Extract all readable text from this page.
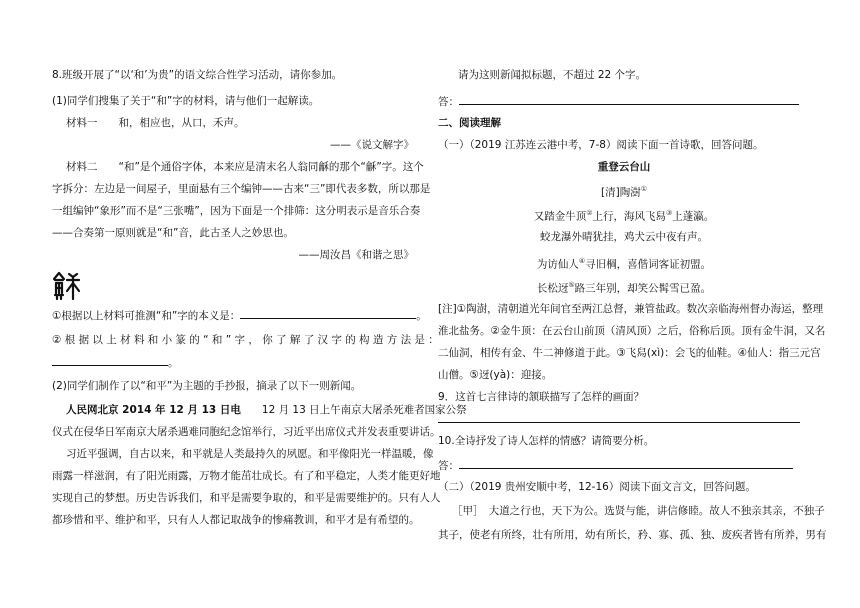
8.班级开展了“以‘和’为贵”的语文综合性学习活动，请你参加。
(1)同学们搜集了关于“和”字的材料，请与他们一起解读。
材料一　　和，相应也，从口，禾声。
——《说文解字》
材料二　　“和”是个通俗字体，本来应是清末名人翁同龢的那个“龢”字。这个
字拆分：左边是一间屋子，里面悬有三个编钟——古来“三”即代表多数，所以那是
一组编钟“象形”而不是“三张嘴”，因为下面是一个排筛：这分明表示是音乐合奏
——合奏第一原则就是“和”音，此古圣人之妙思也。
——周汝昌《和谐之思》
①根据以上材料可推测“和”字的本义是：	。
② 根 据 以 上 材 料 和 小 篆 的 “ 和 ” 字 ， 你 了 解 了 汉 字 的 构 造 方 法 是 ：
。
(2)同学们制作了以“和平”为主题的手抄报，摘录了以下一则新闻。
人民网北京 2014 年 12 月 13 日电　　12 月 13 日上午南京大屠杀死难者国家公祭
仪式在侵华日军南京大屠杀遇难同胞纪念馆举行，习近平出席仪式并发表重要讲话。
习近平强调，自古以来，和平就是人类最持久的夙愿。和平像阳光一样温暖，像
雨露一样滋润，有了阳光雨露，万物才能茁壮成长。有了和平稳定，人类才能更好地
实现自己的梦想。历史告诉我们，和平是需要争取的，和平是需要维护的。只有人人
都珍惜和平、维护和平，只有人人都记取战争的惨痛教训，和平才是有希望的。
请为这则新闻拟标题，不超过 22 个字。
答：
二、阅读理解
（一）（2019 江苏连云港中考，7-8）阅读下面一首诗歌，回答问题。
重登云台山
[清]陶澍①
又踏金牛顶②上行，海风飞舄③上蓬瀛。
蛟龙瀑外晴犹挂，鸡犬云中夜有声。
为访仙人④寻旧棡，喜偕词客证初盟。
长松迓⑤路三年别，却笑公髯雪已盈。
[注]①陶澍，清朝道光年间官至两江总督，兼管盐政。数次亲临海州督办海运，整理
淮北盐务。②金牛顶：在云台山前顶（清风顶）之后，俗称后顶。顶有金牛洞，又名
二仙洞，相传有金、牛二神修道于此。③飞舄(xì)：会飞的仙鞋。④仙人：指三元宫
山僧。⑤迓(yà)：迎接。
9．这首七言律诗的颔联描写了怎样的画面？
10.全诗抒发了诗人怎样的情感？请简要分析。
答：
（二）（2019 贵州安顺中考，12-16）阅读下面文言文，回答问题。
［甲］　大道之行也，天下为公。选贤与能，讲信修睦。故人不独亲其亲，不独子
其子，使老有所终，壮有所用，幼有所长，矜、寡、孤、独、废疾者皆有所养，男有
